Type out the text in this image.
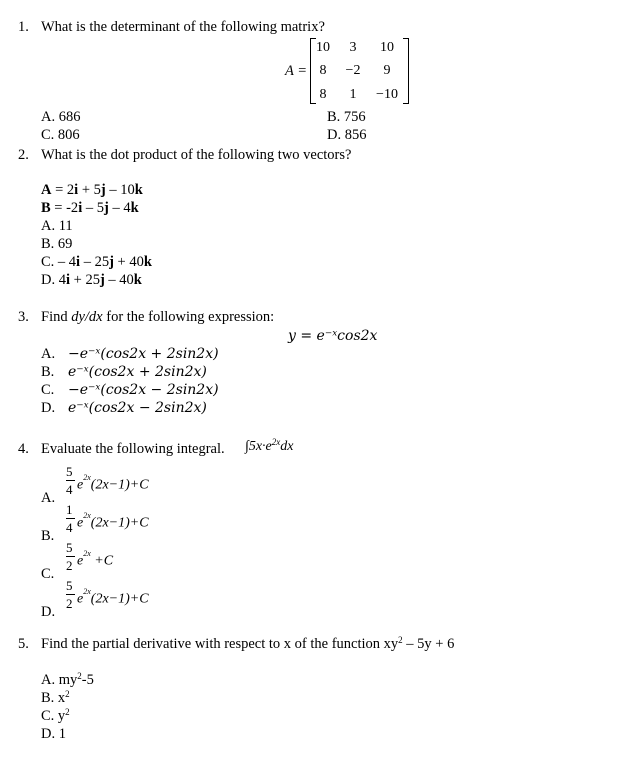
1. What is the determinant of the following matrix?
A =
10	3	10
8	−2	9
8	1	−10
A. 686	B. 756
C. 806	D. 856
2. What is the dot product of the following two vectors?
A = 2i + 5j – 10k
B = -2i – 5j – 4k
A. 11
B. 69
C. – 4i – 25j + 40k
D. 4i + 25j – 40k
3. Find dy/dx for the following expression:
y = e⁻ˣcos2x
A. −e⁻ˣ(cos2x + 2sin2x)
B. e⁻ˣ(cos2x + 2sin2x)
C. −e⁻ˣ(cos2x − 2sin2x)
D. e⁻ˣ(cos2x − 2sin2x)
4. Evaluate the following integral. $\int 5x\cdot e^{2x}dx$
A.
5
4 $e^{2x}(2x-1)+C$
B.
1
4 $e^{2x}(2x-1)+C$
C.
5
2 $e^{2x} +C$
D.
5
2 $e^{2x}(2x-1)+C$
5. Find the partial derivative with respect to x of the function $xy^2 - 5y + 6$
A. $my^2-5$
B. $x^2$
C. $y^2$
D. 1
